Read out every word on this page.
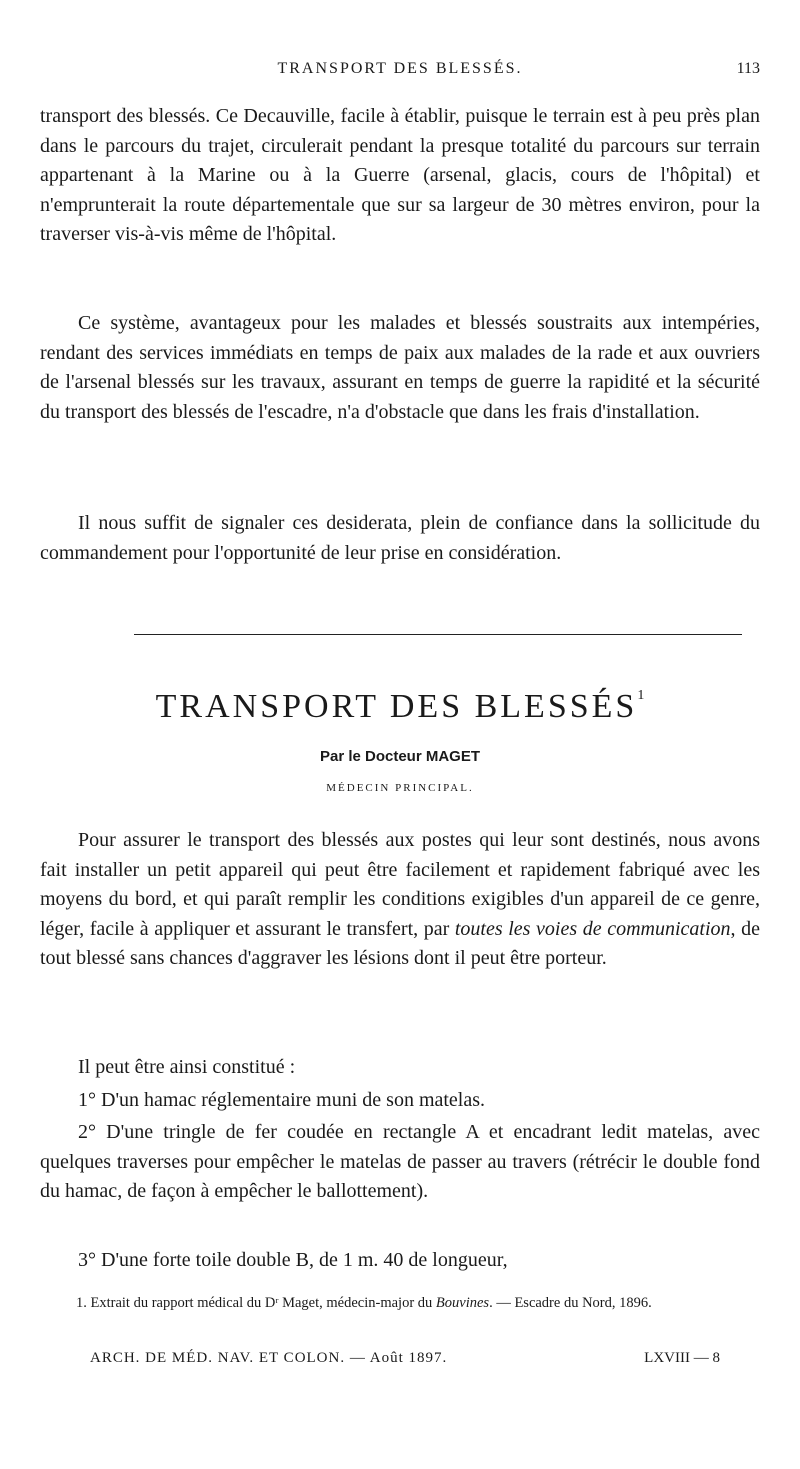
TRANSPORT DES BLESSÉS.	113

transport des blessés. Ce Decauville, facile à établir, puisque le terrain est à peu près plan dans le parcours du trajet, circulerait pendant la presque totalité du parcours sur terrain appartenant à la Marine ou à la Guerre (arsenal, glacis, cours de l'hôpital) et n'emprunterait la route départementale que sur sa largeur de 30 mètres environ, pour la traverser vis-à-vis même de l'hôpital.

Ce système, avantageux pour les malades et blessés soustraits aux intempéries, rendant des services immédiats en temps de paix aux malades de la rade et aux ouvriers de l'arsenal blessés sur les travaux, assurant en temps de guerre la rapidité et la sécurité du transport des blessés de l'escadre, n'a d'obstacle que dans les frais d'installation.

Il nous suffit de signaler ces desiderata, plein de confiance dans la sollicitude du commandement pour l'opportunité de leur prise en considération.

TRANSPORT DES BLESSÉS$^1$
Par le Docteur MAGET
MÉDECIN PRINCIPAL.

Pour assurer le transport des blessés aux postes qui leur sont destinés, nous avons fait installer un petit appareil qui peut être facilement et rapidement fabriqué avec les moyens du bord, et qui paraît remplir les conditions exigibles d'un appareil de ce genre, léger, facile à appliquer et assurant le transfert, par toutes les voies de communication, de tout blessé sans chances d'aggraver les lésions dont il peut être porteur.

Il peut être ainsi constitué :

1° D'un hamac réglementaire muni de son matelas.

2° D'une tringle de fer coudée en rectangle A et encadrant ledit matelas, avec quelques traverses pour empêcher le matelas de passer au travers (rétrécir le double fond du hamac, de façon à empêcher le ballottement).

3° D'une forte toile double B, de 1 m. 40 de longueur,

1. Extrait du rapport médical du Dʳ Maget, médecin-major du Bouvines. — Escadre du Nord, 1896.

ARCH. DE MÉD. NAV. ET COLON. — Août 1897.	LXVIII — 8
